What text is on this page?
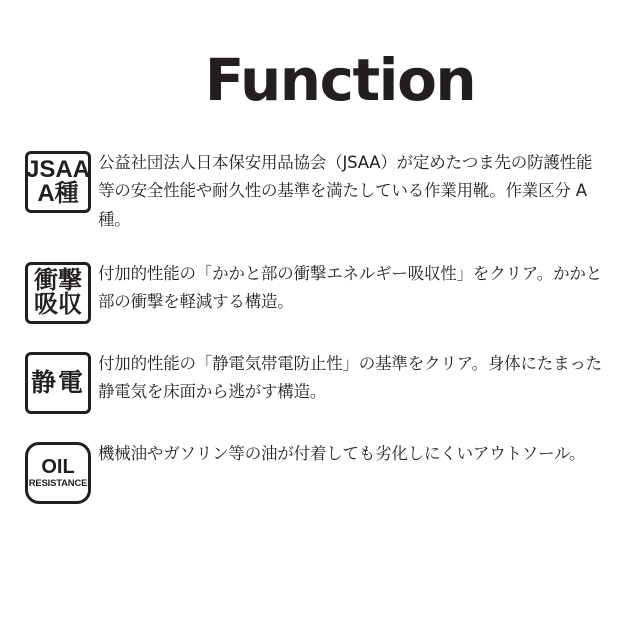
Function
JSAA
A種
公益社団法人日本保安用品協会（JSAA）が定めたつま先の防護性能等の安全性能や耐久性の基準を満たしている作業用靴。作業区分 A種。
衝撃
吸収
付加的性能の「かかと部の衝撃エネルギー吸収性」をクリア。かかと部の衝撃を軽減する構造。
静電
付加的性能の「静電気帯電防止性」の基準をクリア。身体にたまった静電気を床面から逃がす構造。
OIL
RESISTANCE
機械油やガソリン等の油が付着しても劣化しにくいアウトソール。
